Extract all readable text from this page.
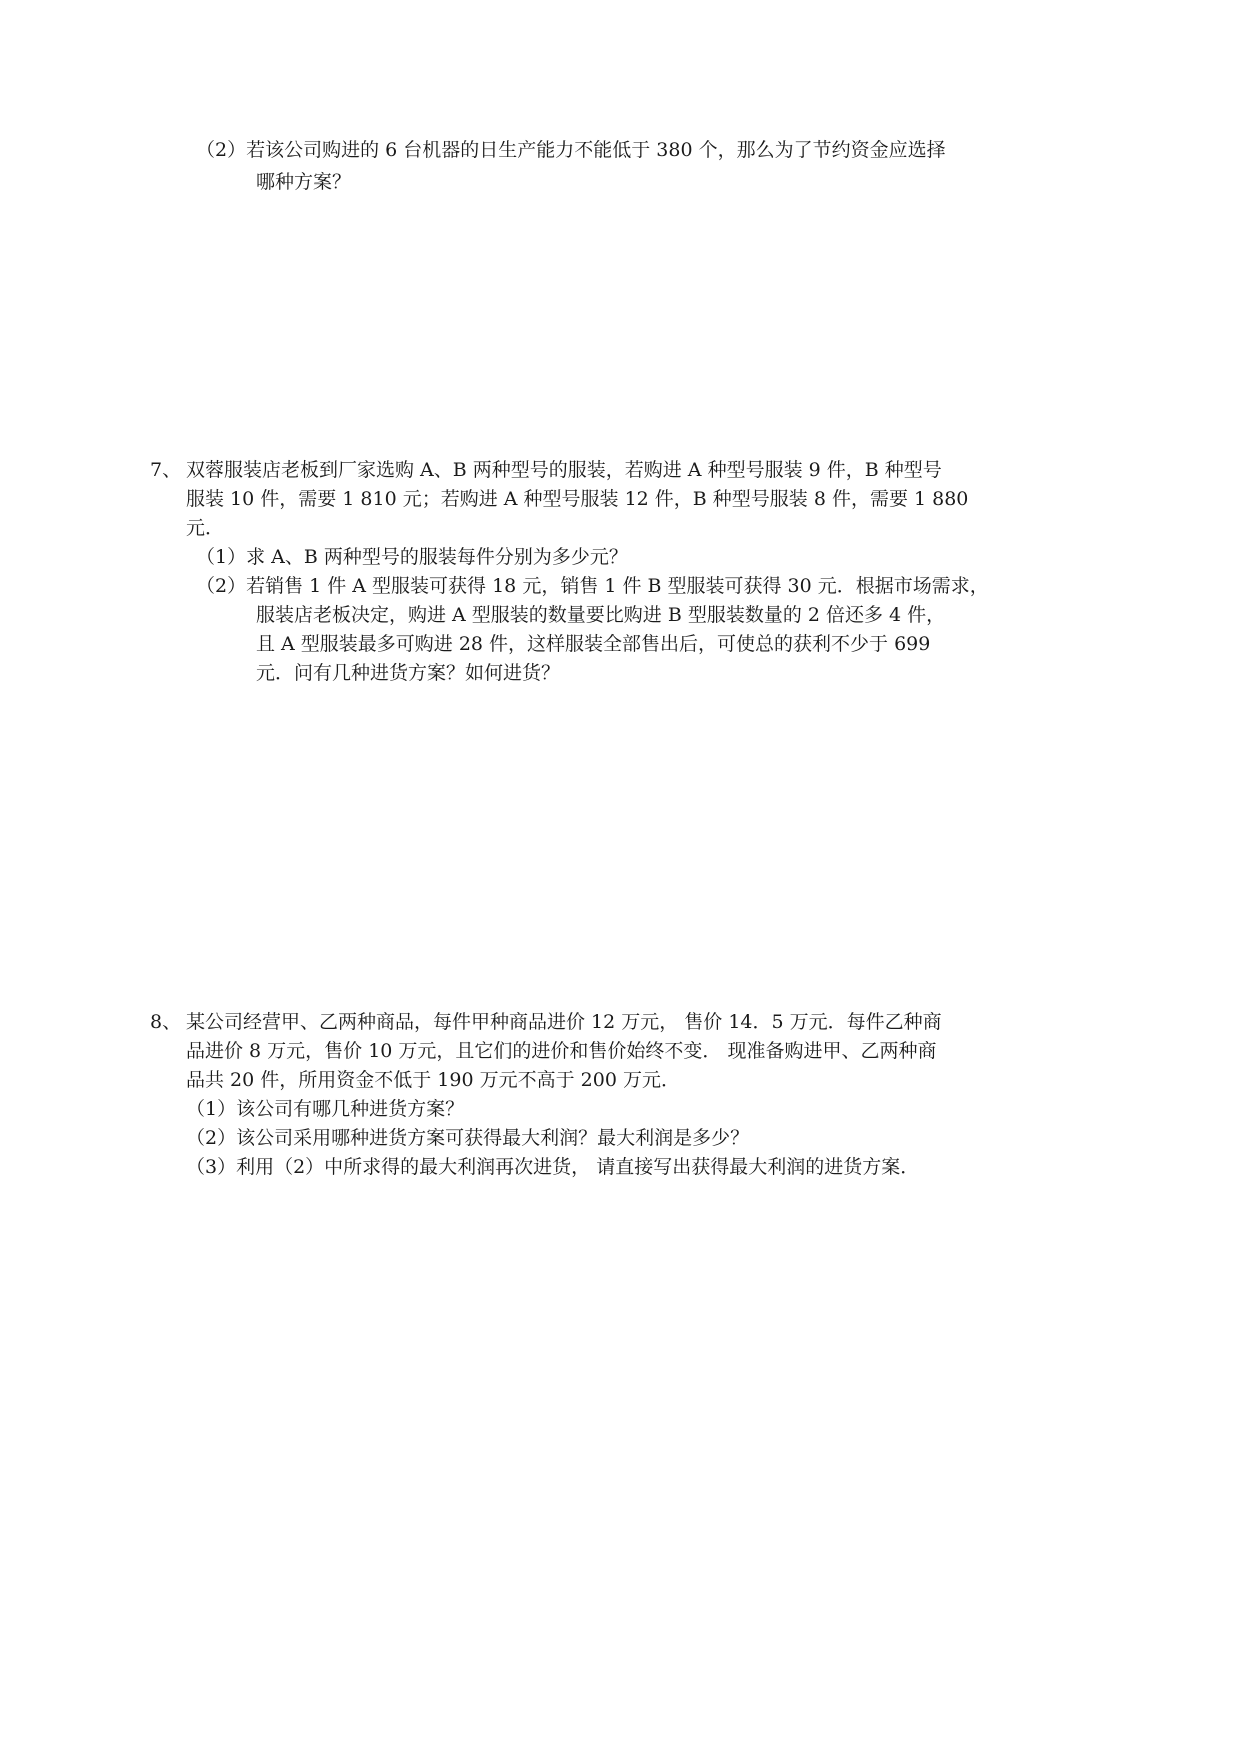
（2）若该公司购进的 6 台机器的日生产能力不能低于 380 个，那么为了节约资金应选择
哪种方案？
7、 双蓉服装店老板到厂家选购 A、B 两种型号的服装，若购进 A 种型号服装 9 件，B 种型号
服装 10 件，需要 1 810 元；若购进 A 种型号服装 12 件，B 种型号服装 8 件，需要 1 880
元．
（1）求 A、B 两种型号的服装每件分别为多少元？
（2）若销售 1 件 A 型服装可获得 18 元，销售 1 件 B 型服装可获得 30 元．根据市场需求，
服装店老板决定，购进 A 型服装的数量要比购进 B 型服装数量的 2 倍还多 4 件，
且 A 型服装最多可购进 28 件，这样服装全部售出后，可使总的获利不少于 699
元．问有几种进货方案？如何进货？
8、 某公司经营甲、乙两种商品，每件甲种商品进价 12 万元， 售价 14．5 万元．每件乙种商
品进价 8 万元，售价 10 万元，且它们的进价和售价始终不变． 现准备购进甲、乙两种商
品共 20 件，所用资金不低于 190 万元不高于 200 万元．
（1）该公司有哪几种进货方案？
（2）该公司采用哪种进货方案可获得最大利润？最大利润是多少？
（3）利用（2）中所求得的最大利润再次进货， 请直接写出获得最大利润的进货方案．
